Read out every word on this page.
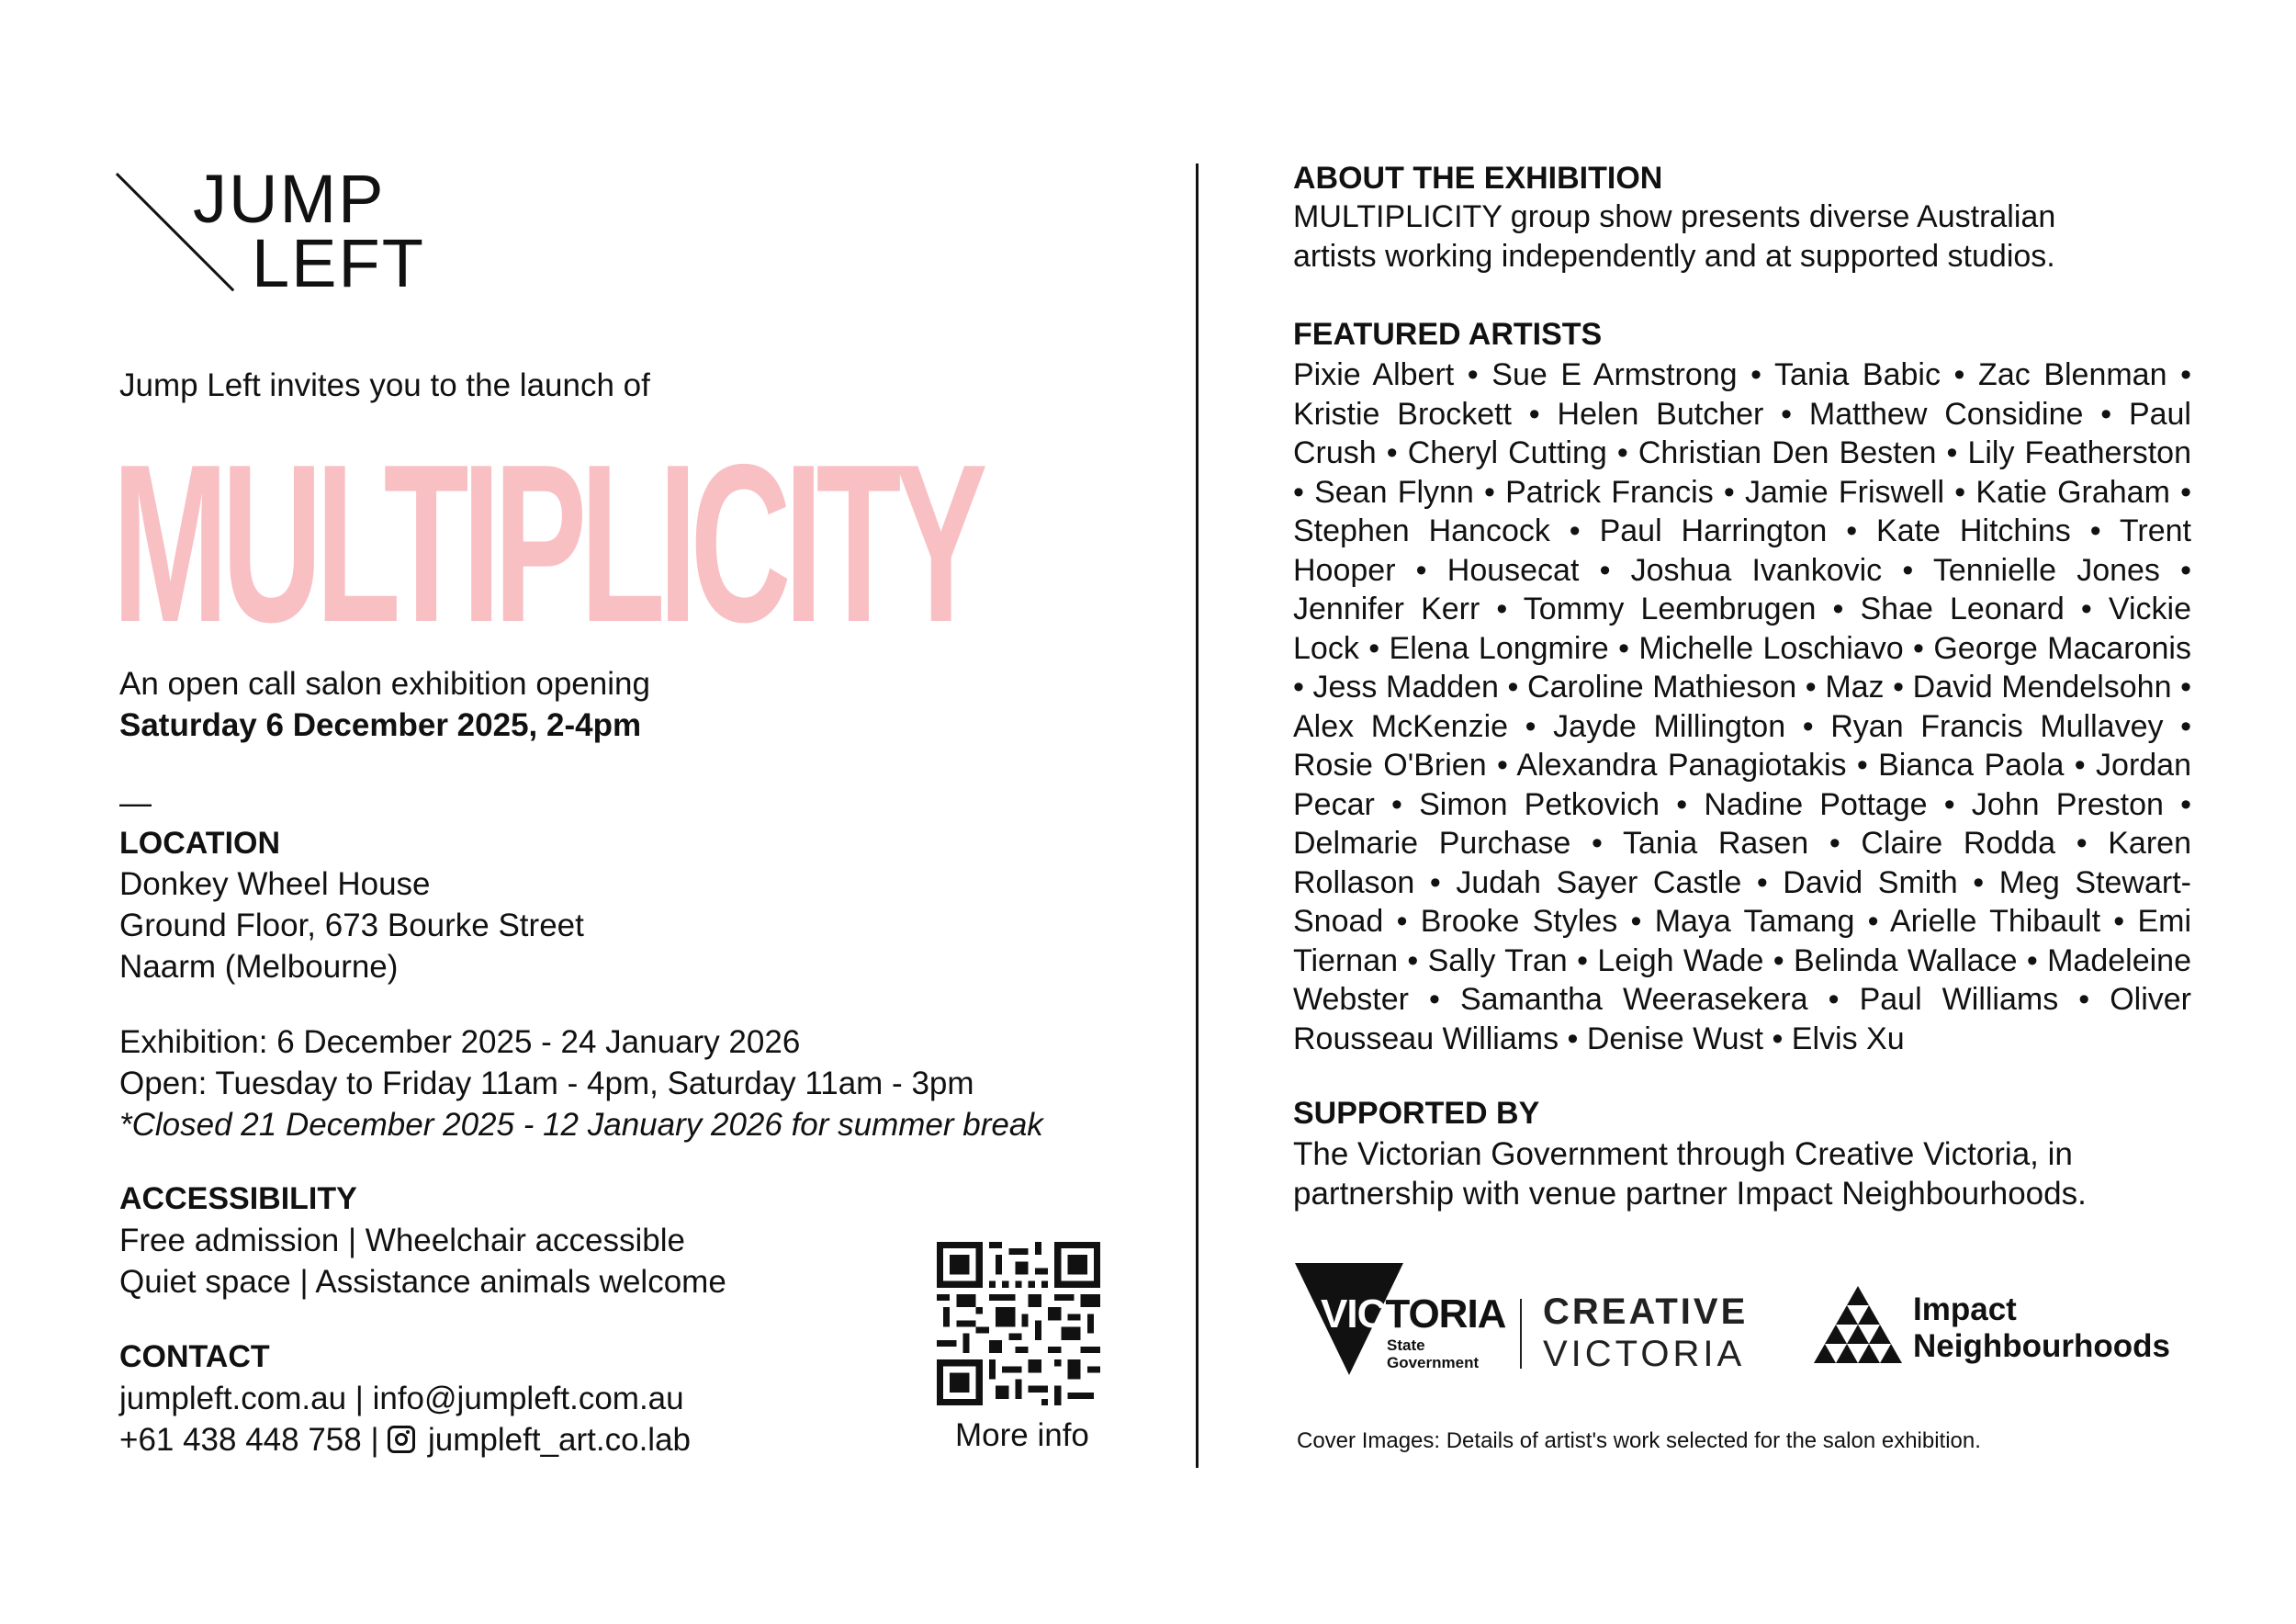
JUMP
LEFT
Jump Left invites you to the launch of
MULTIPLICITY
An open call salon exhibition opening
Saturday 6 December 2025, 2-4pm
—
LOCATION
Donkey Wheel House
Ground Floor, 673 Bourke Street
Naarm (Melbourne)
Exhibition: 6 December 2025 - 24 January 2026
Open: Tuesday to Friday 11am - 4pm, Saturday 11am - 3pm
*Closed 21 December 2025 - 12 January 2026 for summer break
ACCESSIBILITY
Free admission | Wheelchair accessible
Quiet space | Assistance animals welcome
CONTACT
jumpleft.com.au | info@jumpleft.com.au
+61 438 448 758 |  jumpleft_art.co.lab	More info
ABOUT THE EXHIBITION
MULTIPLICITY group show presents diverse Australian
artists working independently and at supported studios.
FEATURED ARTISTS
Pixie Albert • Sue E Armstrong • Tania Babic • Zac Blenman • Kristie Brockett • Helen Butcher • Matthew Considine • Paul Crush • Cheryl Cutting • Christian Den Besten • Lily Featherston • Sean Flynn • Patrick Francis • Jamie Friswell • Katie Graham • Stephen Hancock • Paul Harrington • Kate Hitchins • Trent Hooper • Housecat • Joshua Ivankovic • Tennielle Jones • Jennifer Kerr • Tommy Leembrugen • Shae Leonard • Vickie Lock • Elena Longmire • Michelle Loschiavo • George Macaronis • Jess Madden • Caroline Mathieson • Maz • David Mendelsohn • Alex McKenzie • Jayde Millington • Ryan Francis Mullavey • Rosie O'Brien • Alexandra Panagiotakis • Bianca Paola • Jordan Pecar • Simon Petkovich • Nadine Pottage • John Preston • Delmarie Purchase • Tania Rasen • Claire Rodda • Karen Rollason • Judah Sayer Castle • David Smith • Meg Stewart-Snoad • Brooke Styles • Maya Tamang • Arielle Thibault • Emi Tiernan • Sally Tran • Leigh Wade • Belinda Wallace • Madeleine Webster • Samantha Weerasekera • Paul Williams • Oliver Rousseau Williams • Denise Wust • Elvis Xu
SUPPORTED BY
The Victorian Government through Creative Victoria, in
partnership with venue partner Impact Neighbourhoods.
VICTORIA
State
Government
CREATIVE
VICTORIA
Impact
Neighbourhoods
Cover Images: Details of artist's work selected for the salon exhibition.
